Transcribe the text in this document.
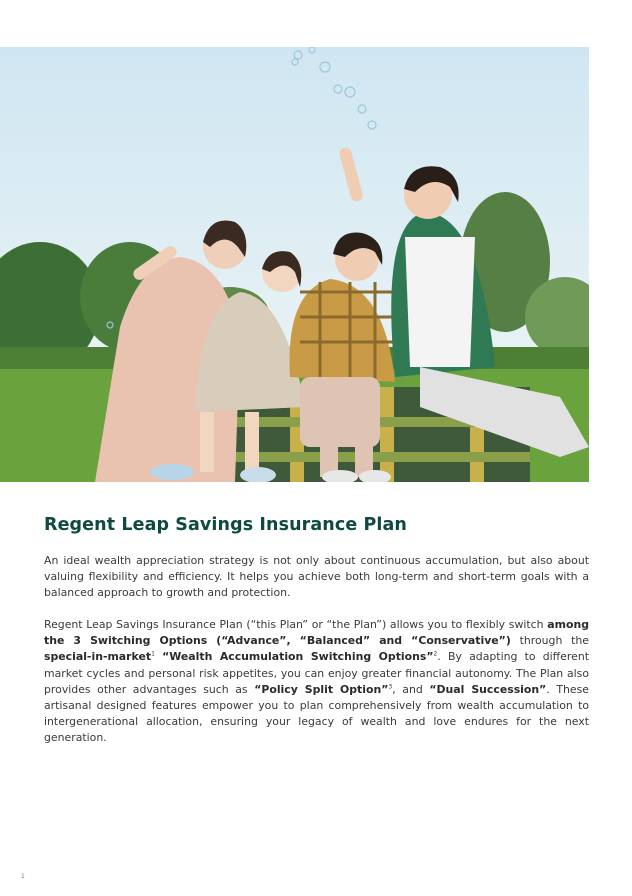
Regent Leap Savings Insurance Plan

An ideal wealth appreciation strategy is not only about continuous accumulation, but also about valuing flexibility and efficiency. It helps you achieve both long-term and short-term goals with a balanced approach to growth and protection.

Regent Leap Savings Insurance Plan (“this Plan” or “the Plan”) allows you to flexibly switch among the 3 Switching Options (“Advance”, “Balanced” and “Conservative”) through the special-in-market$^1$ “Wealth Accumulation Switching Options”$^2$. By adapting to different market cycles and personal risk appetites, you can enjoy greater financial autonomy. The Plan also provides other advantages such as “Policy Split Option”$^3$, and “Dual Succession”. These artisanal designed features empower you to plan comprehensively from wealth accumulation to intergenerational allocation, ensuring your legacy of wealth and love endures for the next generation.

1
